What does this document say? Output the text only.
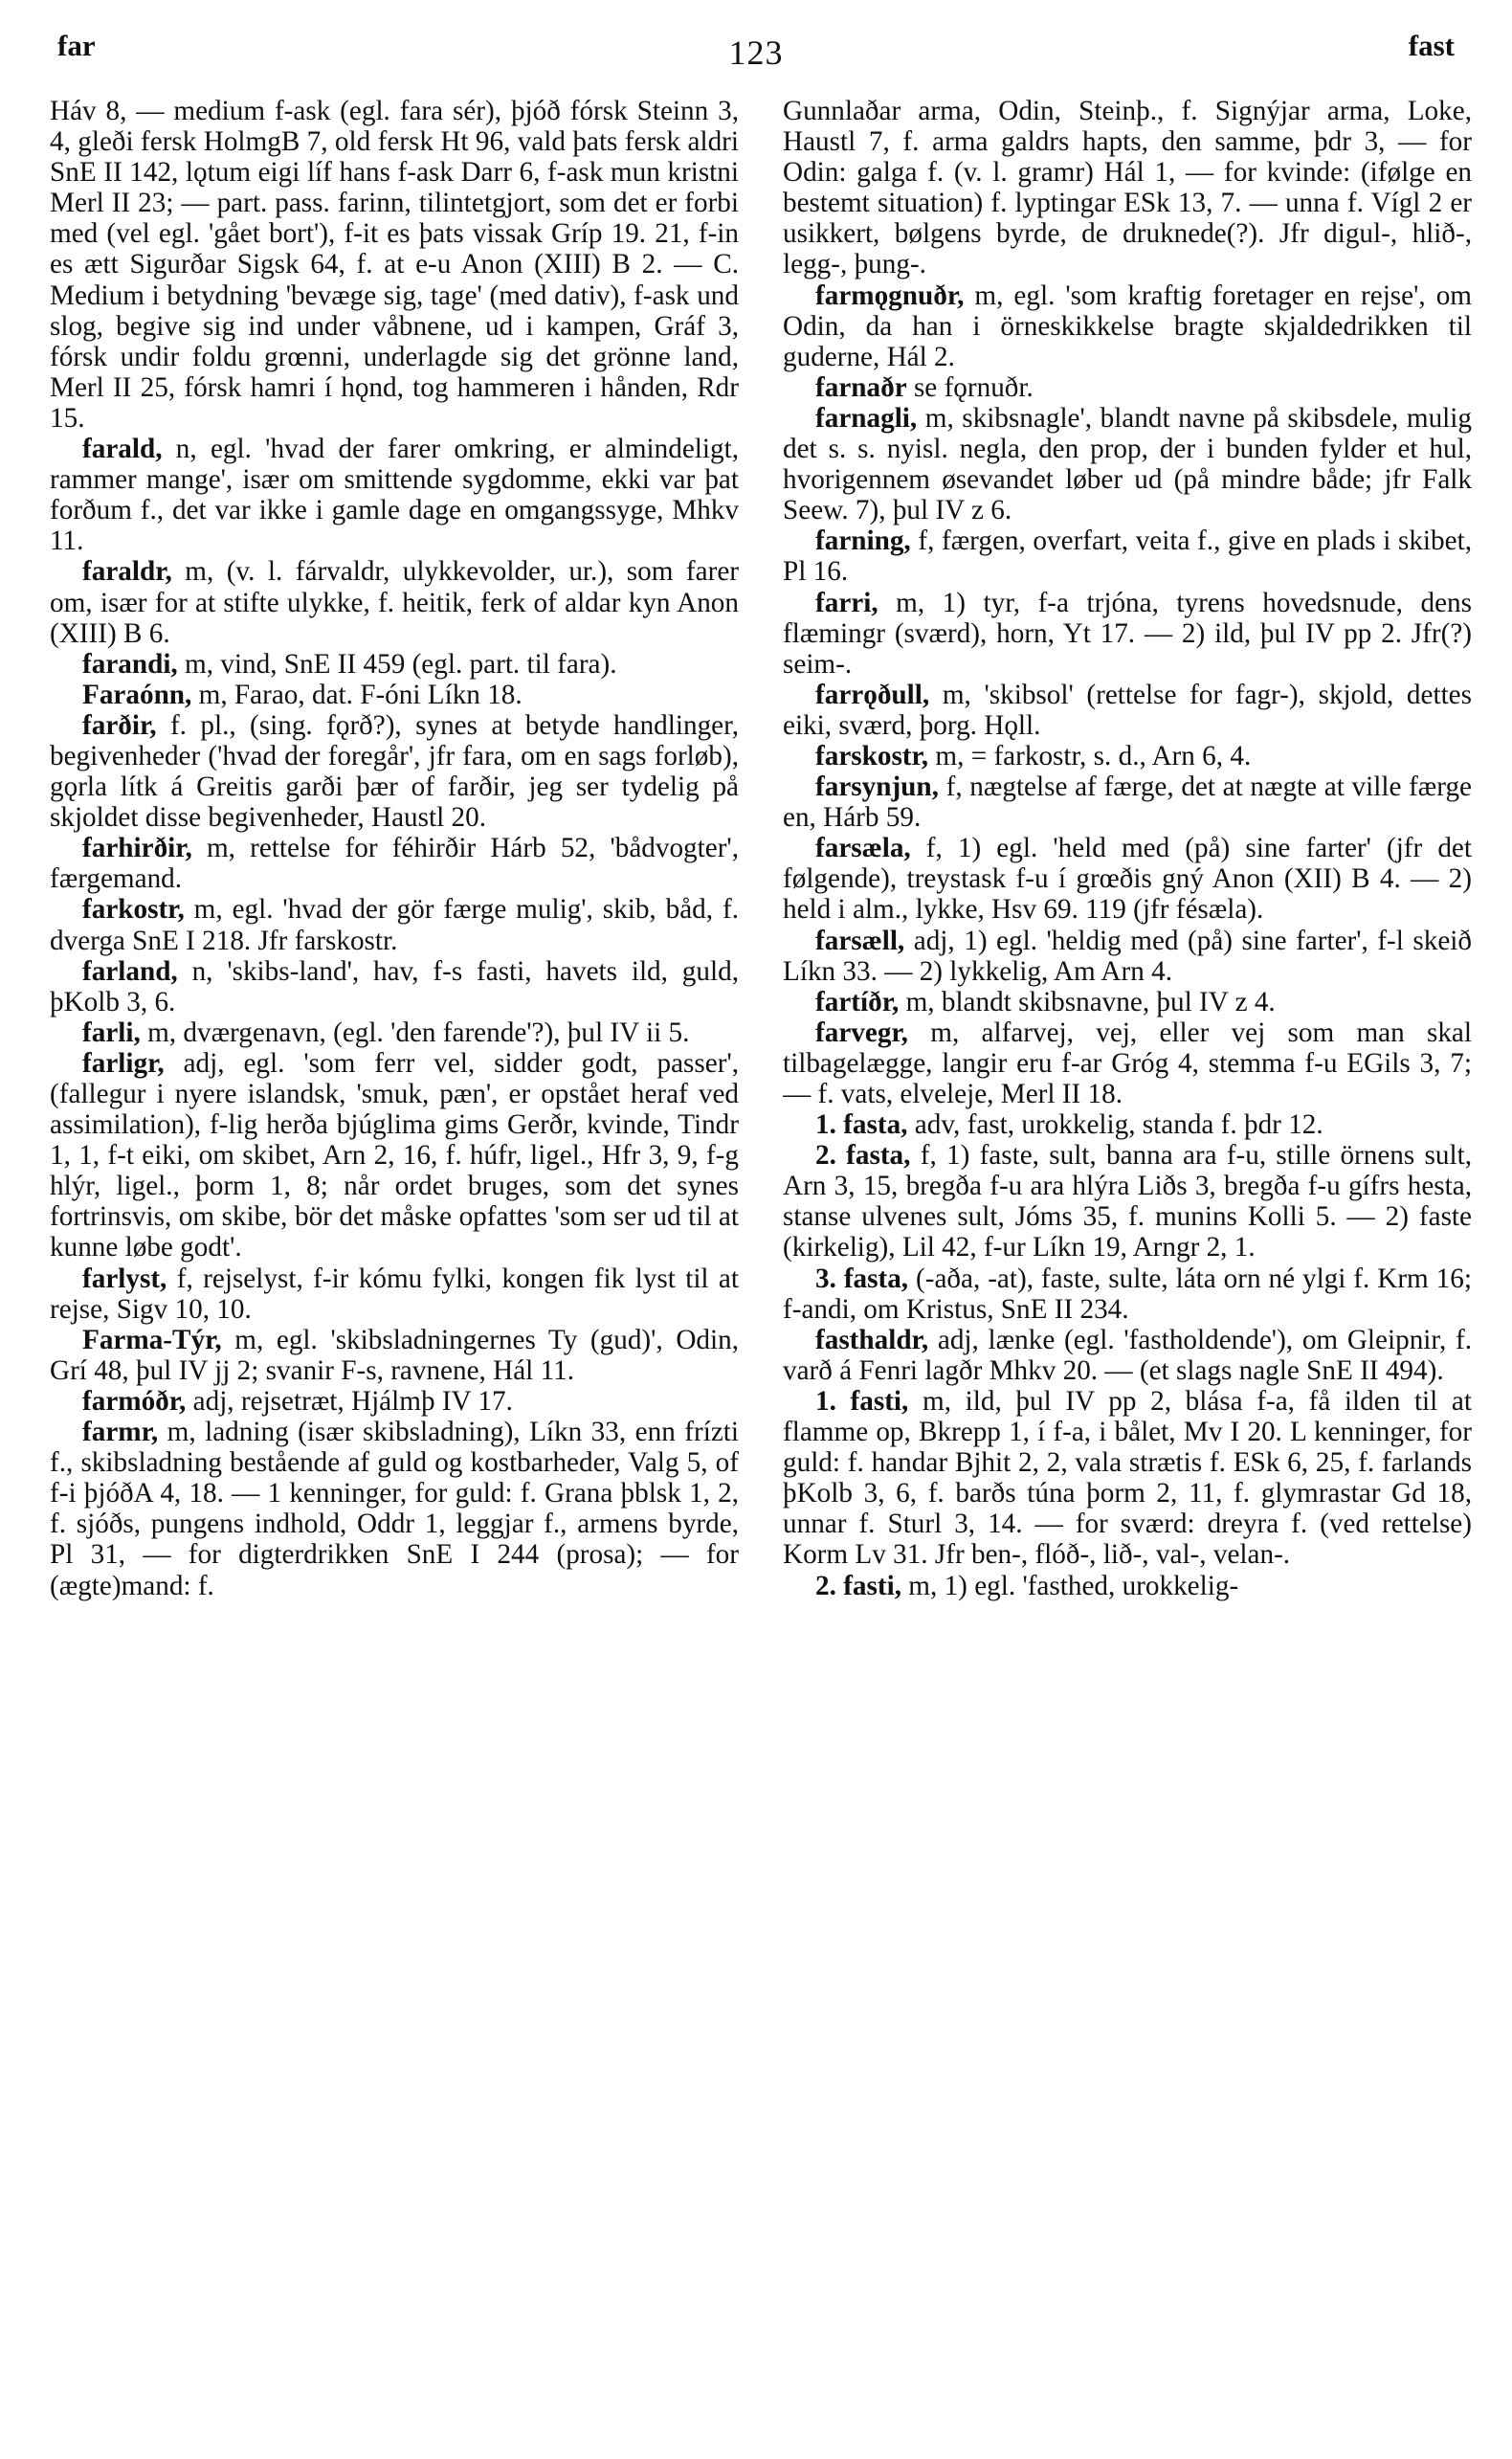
far	123	fast

Háv 8, — medium f-ask (egl. fara sér), þjóð fórsk Steinn 3, 4, gleði fersk HolmgB 7, old fersk Ht 96, vald þats fersk aldri SnE II 142, lǫtum eigi líf hans f-ask Darr 6, f-ask mun kristni Merl II 23; — part. pass. farinn, tilintetgjort, som det er forbi med (vel egl. 'gået bort'), f-it es þats vissak Gríp 19. 21, f-in es ætt Sigurðar Sigsk 64, f. at e-u Anon (XIII) B 2. — C. Medium i betydning 'bevæge sig, tage' (med dativ), f-ask und slog, begive sig ind under våbnene, ud i kampen, Gráf 3, fórsk undir foldu grœnni, underlagde sig det grönne land, Merl II 25, fórsk hamri í hǫnd, tog hammeren i hånden, Rdr 15.

farald, n, egl. 'hvad der farer omkring, er almindeligt, rammer mange', især om smittende sygdomme, ekki var þat forðum f., det var ikke i gamle dage en omgangssyge, Mhkv 11.

faraldr, m, (v. l. fárvaldr, ulykkevolder, ur.), som farer om, især for at stifte ulykke, f. heitik, ferk of aldar kyn Anon (XIII) B 6.

farandi, m, vind, SnE II 459 (egl. part. til fara).

Faraónn, m, Farao, dat. F-óni Líkn 18.

farðir, f. pl., (sing. fǫrð?), synes at betyde handlinger, begivenheder ('hvad der foregår', jfr fara, om en sags forløb), gǫrla lítk á Greitis garði þær of farðir, jeg ser tydelig på skjoldet disse begivenheder, Haustl 20.

farhirðir, m, rettelse for féhirðir Hárb 52, 'bådvogter', færgemand.

farkostr, m, egl. 'hvad der gör færge mulig', skib, båd, f. dverga SnE I 218. Jfr farskostr.

farland, n, 'skibs-land', hav, f-s fasti, havets ild, guld, þKolb 3, 6.

farli, m, dværgenavn, (egl. 'den farende'?), þul IV ii 5.

farligr, adj, egl. 'som ferr vel, sidder godt, passer', (fallegur i nyere islandsk, 'smuk, pæn', er opstået heraf ved assimilation), f-lig herða bjúglima gims Gerðr, kvinde, Tindr 1, 1, f-t eiki, om skibet, Arn 2, 16, f. húfr, ligel., Hfr 3, 9, f-g hlýr, ligel., þorm 1, 8; når ordet bruges, som det synes fortrinsvis, om skibe, bör det måske opfattes 'som ser ud til at kunne løbe godt'.

farlyst, f, rejselyst, f-ir kómu fylki, kongen fik lyst til at rejse, Sigv 10, 10.

Farma-Týr, m, egl. 'skibsladningernes Ty (gud)', Odin, Grí 48, þul IV jj 2; svanir F-s, ravnene, Hál 11.

farmóðr, adj, rejsetræt, Hjálmþ IV 17.

farmr, m, ladning (især skibsladning), Líkn 33, enn frízti f., skibsladning bestående af guld og kostbarheder, Valg 5, of f-i þjóðA 4, 18. — 1 kenninger, for guld: f. Grana þblsk 1, 2, f. sjóðs, pungens indhold, Oddr 1, leggjar f., armens byrde, Pl 31, — for digterdrikken SnE I 244 (prosa); — for (ægte)mand: f.

Gunnlaðar arma, Odin, Steinþ., f. Signýjar arma, Loke, Haustl 7, f. arma galdrs hapts, den samme, þdr 3, — for Odin: galga f. (v. l. gramr) Hál 1, — for kvinde: (ifølge en bestemt situation) f. lyptingar ESk 13, 7. — unna f. Vígl 2 er usikkert, bølgens byrde, de druknede(?). Jfr digul-, hlið-, legg-, þung-.

farmǫgnuðr, m, egl. 'som kraftig foretager en rejse', om Odin, da han i örneskikkelse bragte skjaldedrikken til guderne, Hál 2.

farnaðr se fǫrnuðr.

farnagli, m, skibsnagle', blandt navne på skibsdele, mulig det s. s. nyisl. negla, den prop, der i bunden fylder et hul, hvorigennem øsevandet løber ud (på mindre både; jfr Falk Seew. 7), þul IV z 6.

farning, f, færgen, overfart, veita f., give en plads i skibet, Pl 16.

farri, m, 1) tyr, f-a trjóna, tyrens hovedsnude, dens flæmingr (sværd), horn, Yt 17. — 2) ild, þul IV pp 2. Jfr(?) seim-.

farrǫðull, m, 'skibsol' (rettelse for fagr-), skjold, dettes eiki, sværd, þorg. Hǫll.

farskostr, m, = farkostr, s. d., Arn 6, 4.

farsynjun, f, nægtelse af færge, det at nægte at ville færge en, Hárb 59.

farsæla, f, 1) egl. 'held med (på) sine farter' (jfr det følgende), treystask f-u í grœðis gný Anon (XII) B 4. — 2) held i alm., lykke, Hsv 69. 119 (jfr fésæla).

farsæll, adj, 1) egl. 'heldig med (på) sine farter', f-l skeið Líkn 33. — 2) lykkelig, Am Arn 4.

fartíðr, m, blandt skibsnavne, þul IV z 4.

farvegr, m, alfarvej, vej, eller vej som man skal tilbagelægge, langir eru f-ar Gróg 4, stemma f-u EGils 3, 7; — f. vats, elveleje, Merl II 18.

1. fasta, adv, fast, urokkelig, standa f. þdr 12.

2. fasta, f, 1) faste, sult, banna ara f-u, stille örnens sult, Arn 3, 15, bregða f-u ara hlýra Liðs 3, bregða f-u gífrs hesta, stanse ulvenes sult, Jóms 35, f. munins Kolli 5. — 2) faste (kirkelig), Lil 42, f-ur Líkn 19, Arngr 2, 1.

3. fasta, (-aða, -at), faste, sulte, láta orn né ylgi f. Krm 16; f-andi, om Kristus, SnE II 234.

fasthaldr, adj, lænke (egl. 'fastholdende'), om Gleipnir, f. varð á Fenri lagðr Mhkv 20. — (et slags nagle SnE II 494).

1. fasti, m, ild, þul IV pp 2, blása f-a, få ilden til at flamme op, Bkrepp 1, í f-a, i bålet, Mv I 20. L kenninger, for guld: f. handar Bjhit 2, 2, vala strætis f. ESk 6, 25, f. farlands þKolb 3, 6, f. barðs túna þorm 2, 11, f. glymrastar Gd 18, unnar f. Sturl 3, 14. — for sværd: dreyra f. (ved rettelse) Korm Lv 31. Jfr ben-, flóð-, lið-, val-, velan-.

2. fasti, m, 1) egl. 'fasthed, urokkelig-
